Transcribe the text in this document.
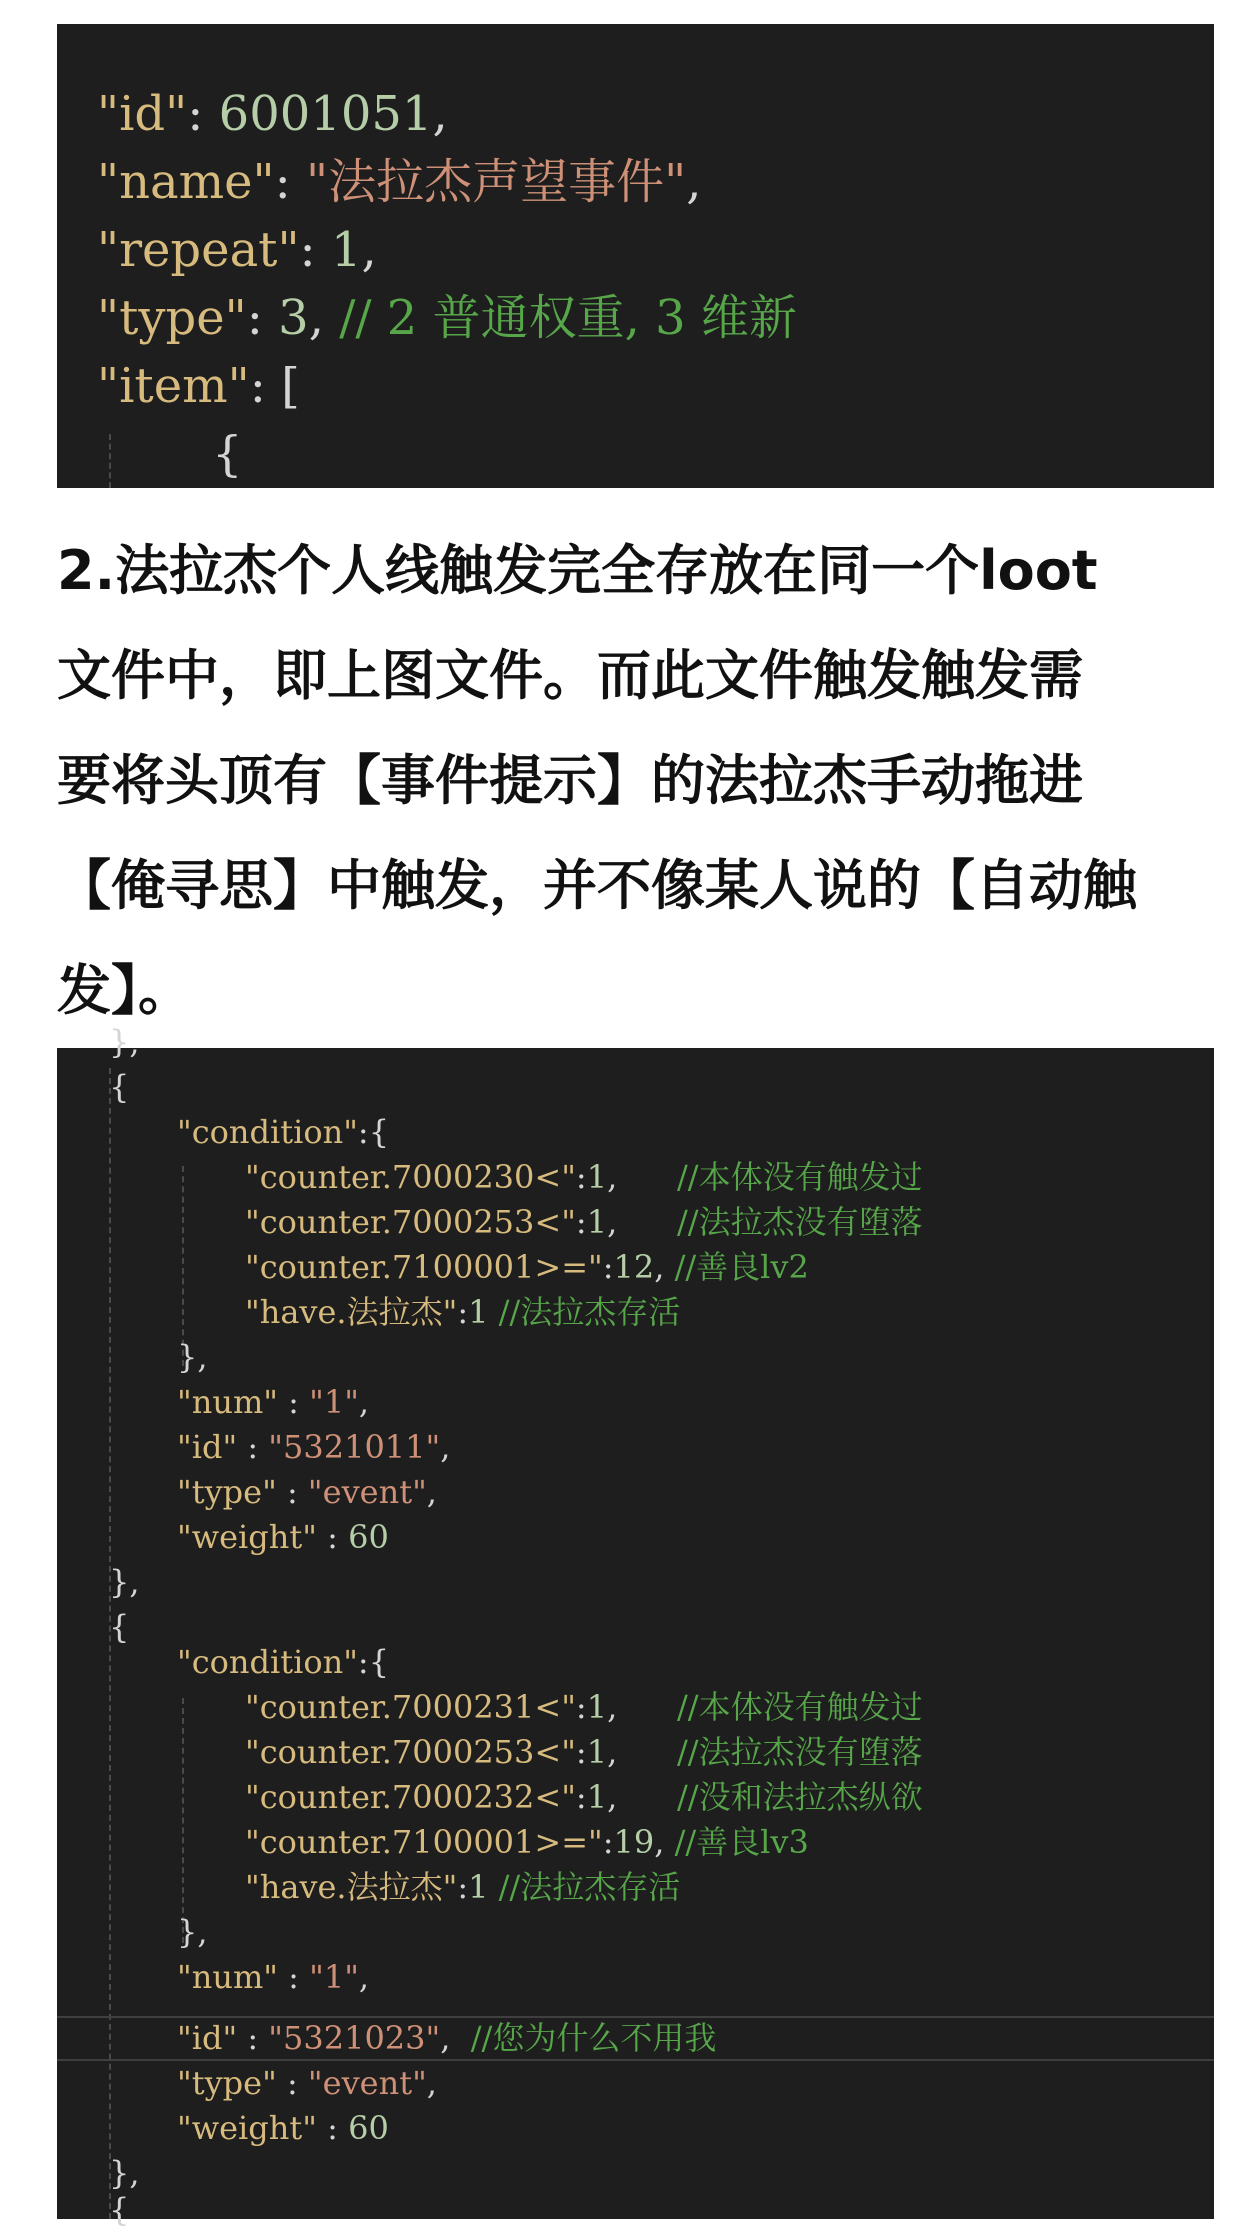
"id": 6001051,
"name": "法拉杰声望事件",
"repeat": 1,
"type": 3, // 2 普通权重, 3 维新
"item": [
{
2.法拉杰个人线触发完全存放在同一个loot
文件中，即上图文件。而此文件触发触发需
要将头顶有【事件提示】的法拉杰手动拖进
【俺寻思】中触发，并不像某人说的【自动触
发】。
},
{
"condition":{
"counter.7000230<":1, //本体没有触发过
"counter.7000253<":1, //法拉杰没有堕落
"counter.7100001>=":12, //善良lv2
"have.法拉杰":1 //法拉杰存活
},
"num" : "1",
"id" : "5321011",
"type" : "event",
"weight" : 60
},
{
"condition":{
"counter.7000231<":1, //本体没有触发过
"counter.7000253<":1, //法拉杰没有堕落
"counter.7000232<":1, //没和法拉杰纵欲
"counter.7100001>=":19, //善良lv3
"have.法拉杰":1 //法拉杰存活
},
"num" : "1",
"id" : "5321023", //您为什么不用我
"type" : "event",
"weight" : 60
},
{
